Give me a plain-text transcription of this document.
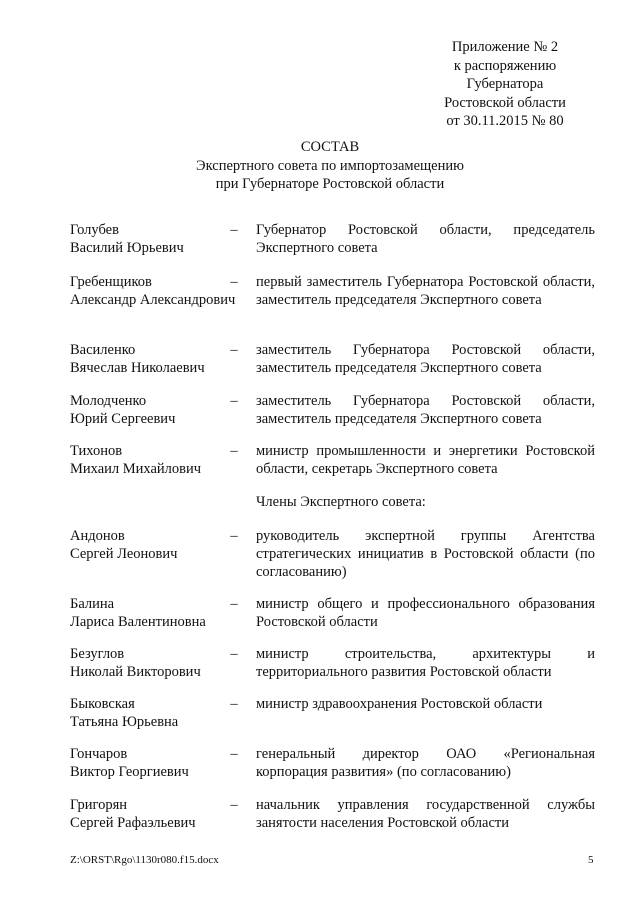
Приложение № 2
к распоряжению
Губернатора
Ростовской области
от 30.11.2015 № 80
СОСТАВ
Экспертного совета по импортозамещению
при Губернаторе Ростовской области
Голубев
Василий Юрьевич
– Губернатор Ростовской области, председатель Экспертного совета
Гребенщиков
Александр Александрович
– первый заместитель Губернатора Ростовской области, заместитель председателя Экспертного совета
Василенко
Вячеслав Николаевич
– заместитель Губернатора Ростовской области, заместитель председателя Экспертного совета
Молодченко
Юрий Сергеевич
– заместитель Губернатора Ростовской области, заместитель председателя Экспертного совета
Тихонов
Михаил Михайлович
– министр промышленности и энергетики Ростовской области, секретарь Экспертного совета
Члены Экспертного совета:
Андонов
Сергей Леонович
– руководитель экспертной группы Агентства стратегических инициатив в Ростовской области (по согласованию)
Балина
Лариса Валентиновна
– министр общего и профессионального образования Ростовской области
Безуглов
Николай Викторович
– министр строительства, архитектуры и территориального развития Ростовской области
Быковская
Татьяна Юрьевна
– министр здравоохранения Ростовской области
Гончаров
Виктор Георгиевич
– генеральный директор ОАО «Региональная корпорация развития» (по согласованию)
Григорян
Сергей Рафаэльевич
– начальник управления государственной службы занятости населения Ростовской области
Z:\ORST\Rgo\1130r080.f15.docx	5
